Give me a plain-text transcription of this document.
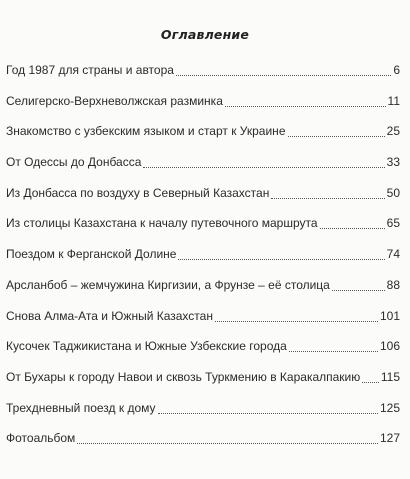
Оглавление
Год 1987 для страны и автора	6
Селигерско-Верхневолжская разминка	11
Знакомство с узбекским языком и старт к Украине	25
От Одессы до Донбасса	33
Из Донбасса по воздуху в Северный Казахстан	50
Из столицы Казахстана к началу путевочного маршрута	65
Поездом к Ферганской Долине	74
Арсланбоб – жемчужина Киргизии, а Фрунзе – её столица	88
Снова Алма-Ата и Южный Казахстан	101
Кусочек Таджикистана и Южные Узбекские города	106
От Бухары к городу Навои и сквозь Туркмению в Каракалпакию 115
Трехдневный поезд к дому	125
Фотоальбом	127
